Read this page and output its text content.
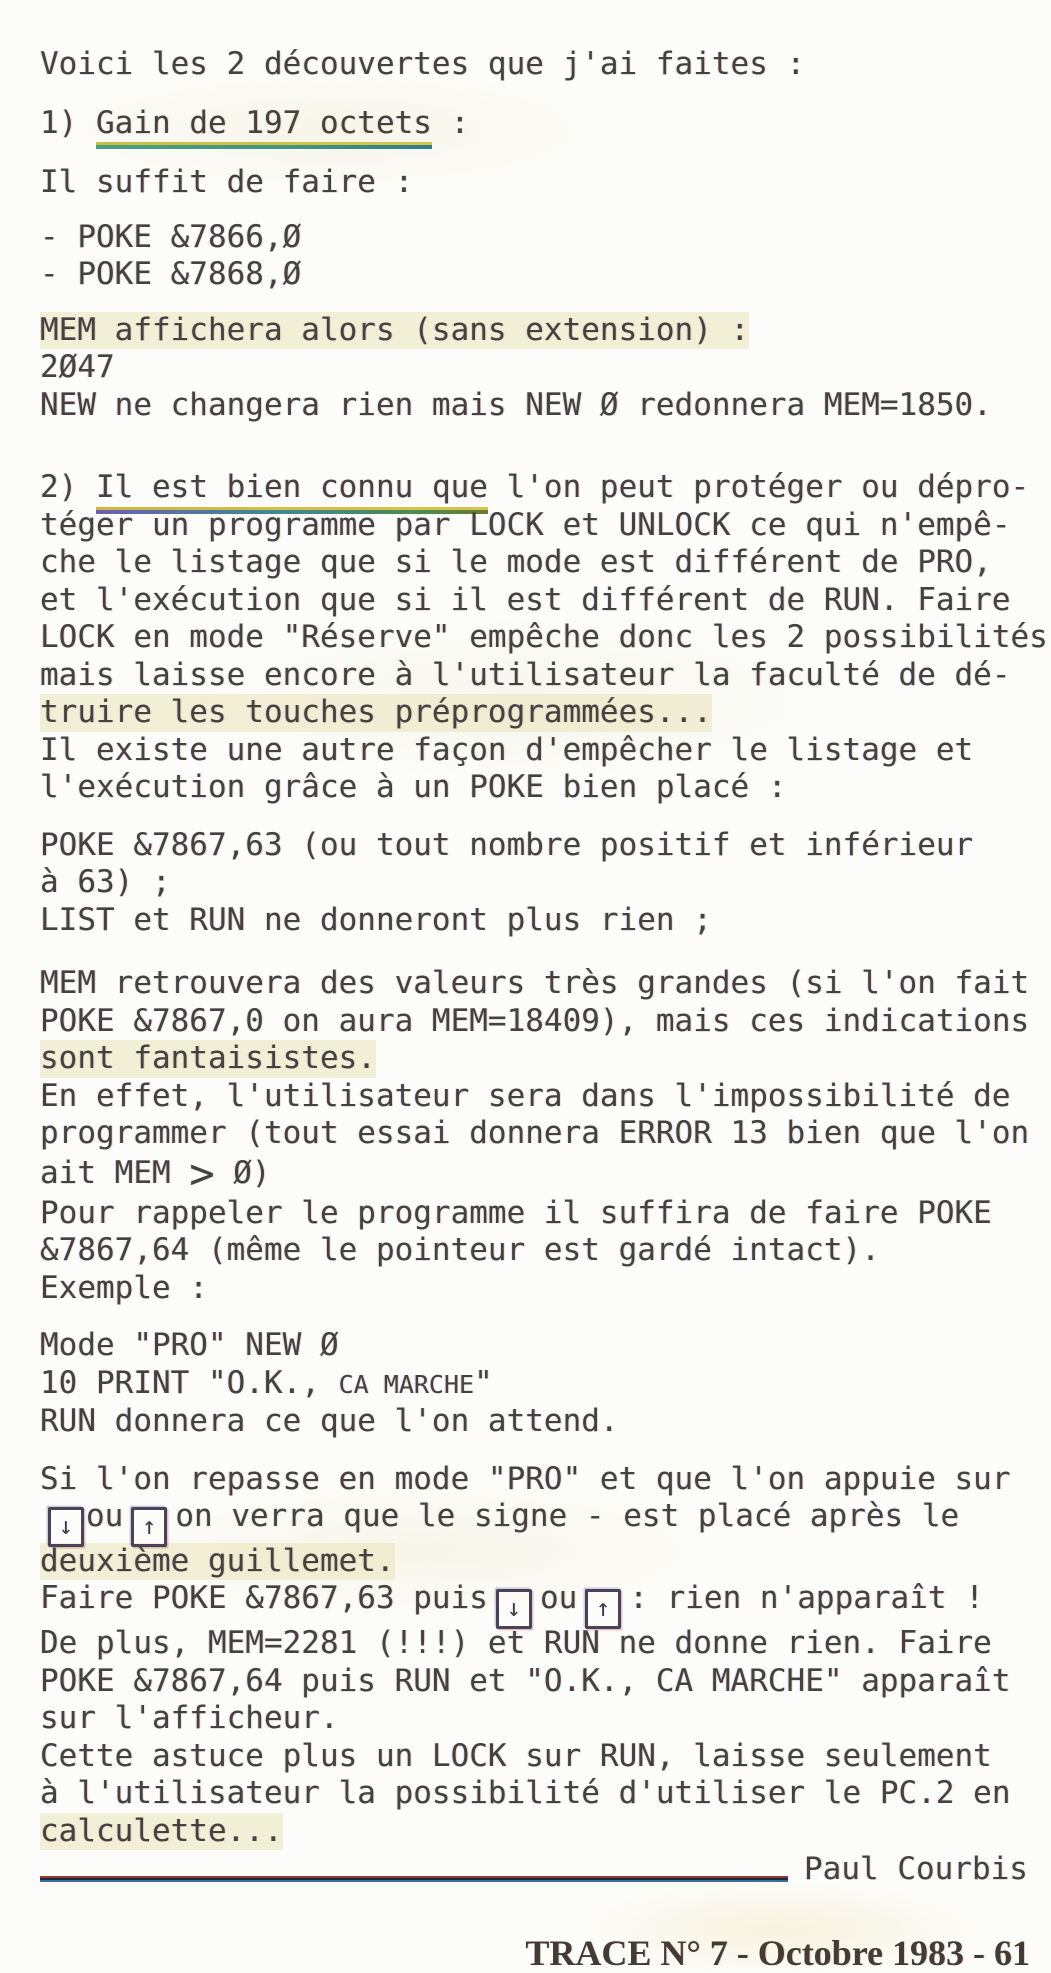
Voici les 2 découvertes que j'ai faites :
1) Gain de 197 octets :
Il suffit de faire :
- POKE &7866,Ø
- POKE &7868,Ø
MEM affichera alors (sans extension) :
2Ø47
NEW ne changera rien mais NEW Ø redonnera MEM=1850.
2) Il est bien connu que l'on peut protéger ou dépro-
téger un programme par LOCK et UNLOCK ce qui n'empê-
che le listage que si le mode est différent de PRO,
et l'exécution que si il est différent de RUN. Faire
LOCK en mode "Réserve" empêche donc les 2 possibilités
mais laisse encore à l'utilisateur la faculté de dé-
truire les touches préprogrammées...
Il existe une autre façon d'empêcher le listage et
l'exécution grâce à un POKE bien placé :
POKE &7867,63 (ou tout nombre positif et inférieur
à 63) ;
LIST et RUN ne donneront plus rien ;
MEM retrouvera des valeurs très grandes (si l'on fait
POKE &7867,0 on aura MEM=18409), mais ces indications
sont fantaisistes.
En effet, l'utilisateur sera dans l'impossibilité de
programmer (tout essai donnera ERROR 13 bien que l'on
ait MEM > Ø)
Pour rappeler le programme il suffira de faire POKE
&7867,64 (même le pointeur est gardé intact).
Exemple :
Mode "PRO" NEW Ø
10 PRINT "O.K., CA MARCHE"
RUN donnera ce que l'on attend.
Si l'on repasse en mode "PRO" et que l'on appuie sur
↓ ou ↑ on verra que le signe - est placé après le
deuxième guillemet.
Faire POKE &7867,63 puis ↓ ou ↑ : rien n'apparaît !
De plus, MEM=2281 (!!!) et RUN ne donne rien. Faire
POKE &7867,64 puis RUN et "O.K., CA MARCHE" apparaît
sur l'afficheur.
Cette astuce plus un LOCK sur RUN, laisse seulement
à l'utilisateur la possibilité d'utiliser le PC.2 en
calculette...
Paul Courbis
TRACE N° 7 - Octobre 1983 - 61
